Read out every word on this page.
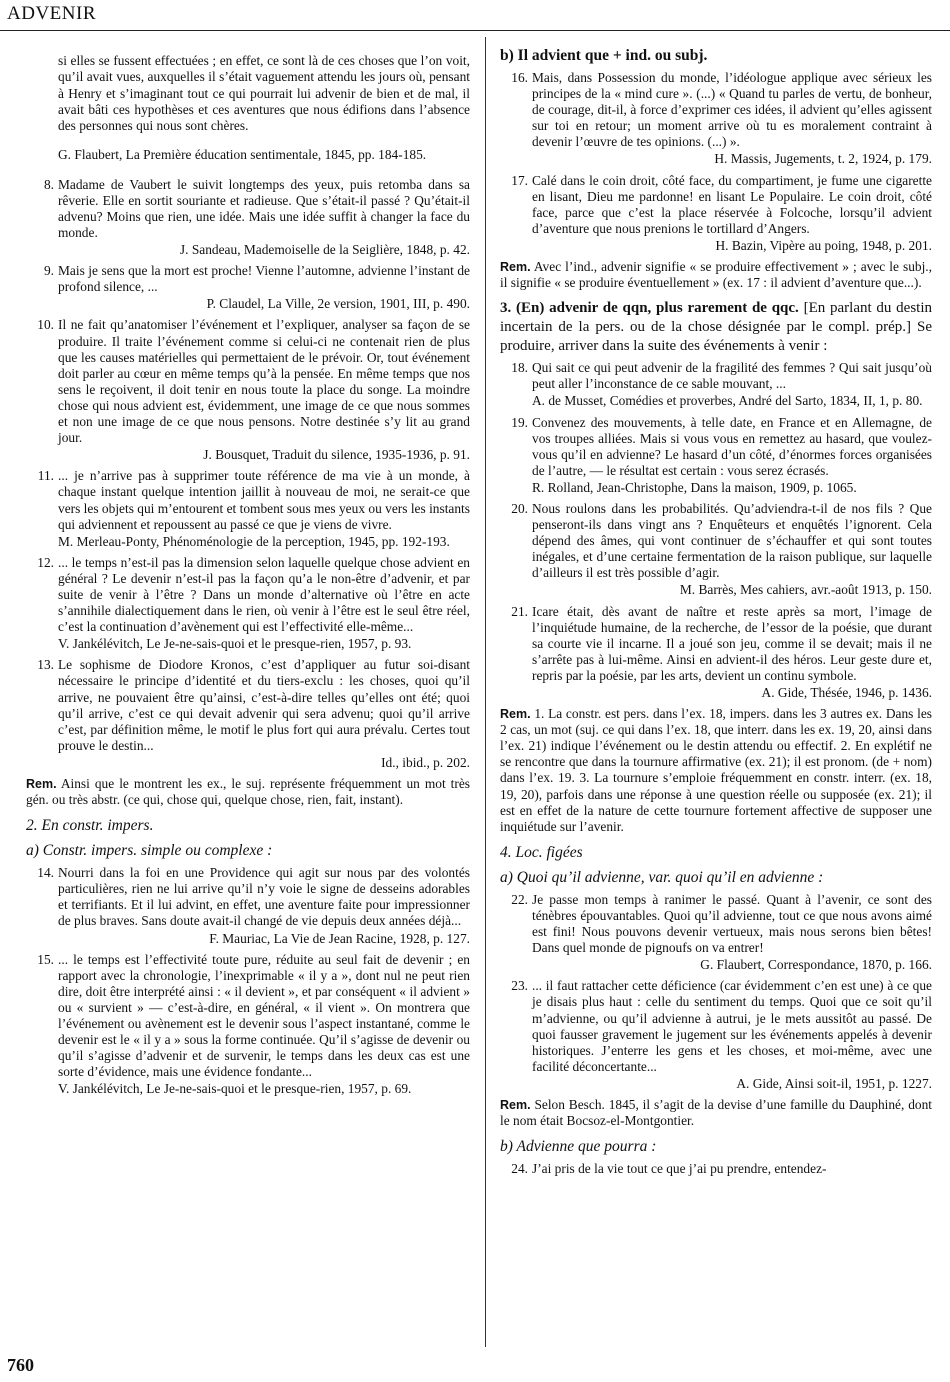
ADVENIR

si elles se fussent effectuées ; en effet, ce sont là de ces choses que l’on voit, qu’il avait vues, auxquelles il s’était vaguement attendu les jours où, pensant à Henry et s’imaginant tout ce qui pourrait lui advenir de bien et de mal, il avait bâti ces hypothèses et ces aventures que nous édifions dans l’absence des personnes qui nous sont chères.

G. Flaubert, La Première éducation sentimentale, 1845, pp. 184-185.

8. Madame de Vaubert le suivit longtemps des yeux, puis retomba dans sa rêverie. Elle en sortit souriante et radieuse. Que s’était-il passé ? Qu’était-il advenu? Moins que rien, une idée. Mais une idée suffit à changer la face du monde.

J. Sandeau, Mademoiselle de la Seiglière, 1848, p. 42.

9. Mais je sens que la mort est proche! Vienne l’automne, advienne l’instant de profond silence, ...

P. Claudel, La Ville, 2e version, 1901, III, p. 490.

10. Il ne fait qu’anatomiser l’événement et l’expliquer, analyser sa façon de se produire. Il traite l’événement comme si celui-ci ne contenait rien de plus que les causes matérielles qui permettaient de le prévoir. Or, tout événement doit parler au cœur en même temps qu’à la pensée. En même temps que nos sens le reçoivent, il doit tenir en nous toute la place du songe. La moindre chose qui nous advient est, évidemment, une image de ce que nous sommes et non une image de ce que nous pensons. Notre destinée s’y lit au grand jour.

J. Bousquet, Traduit du silence, 1935-1936, p. 91.

11. ... je n’arrive pas à supprimer toute référence de ma vie à un monde, à chaque instant quelque intention jaillit à nouveau de moi, ne serait-ce que vers les objets qui m’entourent et tombent sous mes yeux ou vers les instants qui adviennent et repoussent au passé ce que je viens de vivre.

M. Merleau-Ponty, Phénoménologie de la perception, 1945, pp. 192-193.

12. ... le temps n’est-il pas la dimension selon laquelle quelque chose advient en général ? Le devenir n’est-il pas la façon qu’a le non-être d’advenir, et par suite de venir à l’être ? Dans un monde d’alternative où l’être en acte s’annihile dialectiquement dans le rien, où venir à l’être est le seul être réel, c’est la continuation d’avènement qui est l’effectivité elle-même...

V. Jankélévitch, Le Je-ne-sais-quoi et le presque-rien, 1957, p. 93.

13. Le sophisme de Diodore Kronos, c’est d’appliquer au futur soi-disant nécessaire le principe d’identité et du tiers-exclu : les choses, quoi qu’il arrive, ne pouvaient être qu’ainsi, c’est-à-dire telles qu’elles ont été; quoi qu’il arrive, c’est ce qui devait advenir qui sera advenu; quoi qu’il arrive c’est, par définition même, le motif le plus fort qui aura prévalu. Certes tout prouve le destin...

Id., ibid., p. 202.

Rem. Ainsi que le montrent les ex., le suj. représente fréquemment un mot très gén. ou très abstr. (ce qui, chose qui, quelque chose, rien, fait, instant).
2. En constr. impers.
a) Constr. impers. simple ou complexe :
14. Nourri dans la foi en une Providence qui agit sur nous par des volontés particulières, rien ne lui arrive qu’il n’y voie le signe de desseins adorables et terrifiants. Et il lui advint, en effet, une aventure faite pour impressionner de plus braves. Sans doute avait-il changé de vie depuis deux années déjà...

F. Mauriac, La Vie de Jean Racine, 1928, p. 127.

15. ... le temps est l’effectivité toute pure, réduite au seul fait de devenir ; en rapport avec la chronologie, l’inexprimable « il y a », dont nul ne peut rien dire, doit être interprété ainsi : « il devient », et par conséquent « il advient » ou « survient » — c’est-à-dire, en général, « il vient ». On montrera que l’événement ou avènement est le devenir sous l’aspect instantané, comme le devenir est le « il y a » sous la forme continuée. Qu’il s’agisse de devenir ou qu’il s’agisse d’advenir et de survenir, le temps dans les deux cas est une sorte d’évidence, mais une évidence fondante...

V. Jankélévitch, Le Je-ne-sais-quoi et le presque-rien, 1957, p. 69.

b) Il advient que + ind. ou subj.
16. Mais, dans Possession du monde, l’idéologue applique avec sérieux les principes de la « mind cure ». (...) « Quand tu parles de vertu, de bonheur, de courage, dit-il, à force d’exprimer ces idées, il advient qu’elles agissent sur toi en retour; un moment arrive où tu es moralement contraint à devenir l’œuvre de tes opinions. (...) ».

H. Massis, Jugements, t. 2, 1924, p. 179.

17. Calé dans le coin droit, côté face, du compartiment, je fume une cigarette en lisant, Dieu me pardonne! en lisant Le Populaire. Le coin droit, côté face, parce que c’est la place réservée à Folcoche, lorsqu’il advient d’aventure que nous prenions le tortillard d’Angers.

H. Bazin, Vipère au poing, 1948, p. 201.

Rem. Avec l’ind., advenir signifie « se produire effectivement » ; avec le subj., il signifie « se produire éventuellement » (ex. 17 : il advient d’aventure que...).
3. (En) advenir de qqn, plus rarement de qqc. [En parlant du destin incertain de la pers. ou de la chose désignée par le compl. prép.] Se produire, arriver dans la suite des événements à venir :
18. Qui sait ce qui peut advenir de la fragilité des femmes ? Qui sait jusqu’où peut aller l’inconstance de ce sable mouvant, ...

A. de Musset, Comédies et proverbes, André del Sarto, 1834, II, 1, p. 80.

19. Convenez des mouvements, à telle date, en France et en Allemagne, de vos troupes alliées. Mais si vous vous en remettez au hasard, que voulez-vous qu’il en advienne? Le hasard d’un côté, d’énormes forces organisées de l’autre, — le résultat est certain : vous serez écrasés.

R. Rolland, Jean-Christophe, Dans la maison, 1909, p. 1065.

20. Nous roulons dans les probabilités. Qu’adviendra-t-il de nos fils ? Que penseront-ils dans vingt ans ? Enquêteurs et enquêtés l’ignorent. Cela dépend des âmes, qui vont continuer de s’échauffer et qui sont toutes inégales, et d’une certaine fermentation de la raison publique, sur laquelle d’ailleurs il est très possible d’agir.

M. Barrès, Mes cahiers, avr.-août 1913, p. 150.

21. Icare était, dès avant de naître et reste après sa mort, l’image de l’inquiétude humaine, de la recherche, de l’essor de la poésie, que durant sa courte vie il incarne. Il a joué son jeu, comme il se devait; mais il ne s’arrête pas à lui-même. Ainsi en advient-il des héros. Leur geste dure et, repris par la poésie, par les arts, devient un continu symbole.

A. Gide, Thésée, 1946, p. 1436.

Rem. 1. La constr. est pers. dans l’ex. 18, impers. dans les 3 autres ex. Dans les 2 cas, un mot (suj. ce qui dans l’ex. 18, que interr. dans les ex. 19, 20, ainsi dans l’ex. 21) indique l’événement ou le destin attendu ou effectif. 2. En explétif ne se rencontre que dans la tournure affirmative (ex. 21); il est pronom. (de + nom) dans l’ex. 19. 3. La tournure s’emploie fréquemment en constr. interr. (ex. 18, 19, 20), parfois dans une réponse à une question réelle ou supposée (ex. 21); il est en effet de la nature de cette tournure fortement affective de supposer une inquiétude sur l’avenir.
4. Loc. figées
a) Quoi qu’il advienne, var. quoi qu’il en advienne :
22. Je passe mon temps à ranimer le passé. Quant à l’avenir, ce sont des ténèbres épouvantables. Quoi qu’il advienne, tout ce que nous avons aimé est fini! Nous pouvons devenir vertueux, mais nous serons bien bêtes! Dans quel monde de pignoufs on va entrer!

G. Flaubert, Correspondance, 1870, p. 166.

23. ... il faut rattacher cette déficience (car évidemment c’en est une) à ce que je disais plus haut : celle du sentiment du temps. Quoi que ce soit qu’il m’advienne, ou qu’il advienne à autrui, je le mets aussitôt au passé. De quoi fausser gravement le jugement sur les événements appelés à devenir historiques. J’enterre les gens et les choses, et moi-même, avec une facilité déconcertante...

A. Gide, Ainsi soit-il, 1951, p. 1227.

Rem. Selon Besch. 1845, il s’agit de la devise d’une famille du Dauphiné, dont le nom était Bocsoz-el-Montgontier.
b) Advienne que pourra :
24. J’ai pris de la vie tout ce que j’ai pu prendre, entendez-

760
